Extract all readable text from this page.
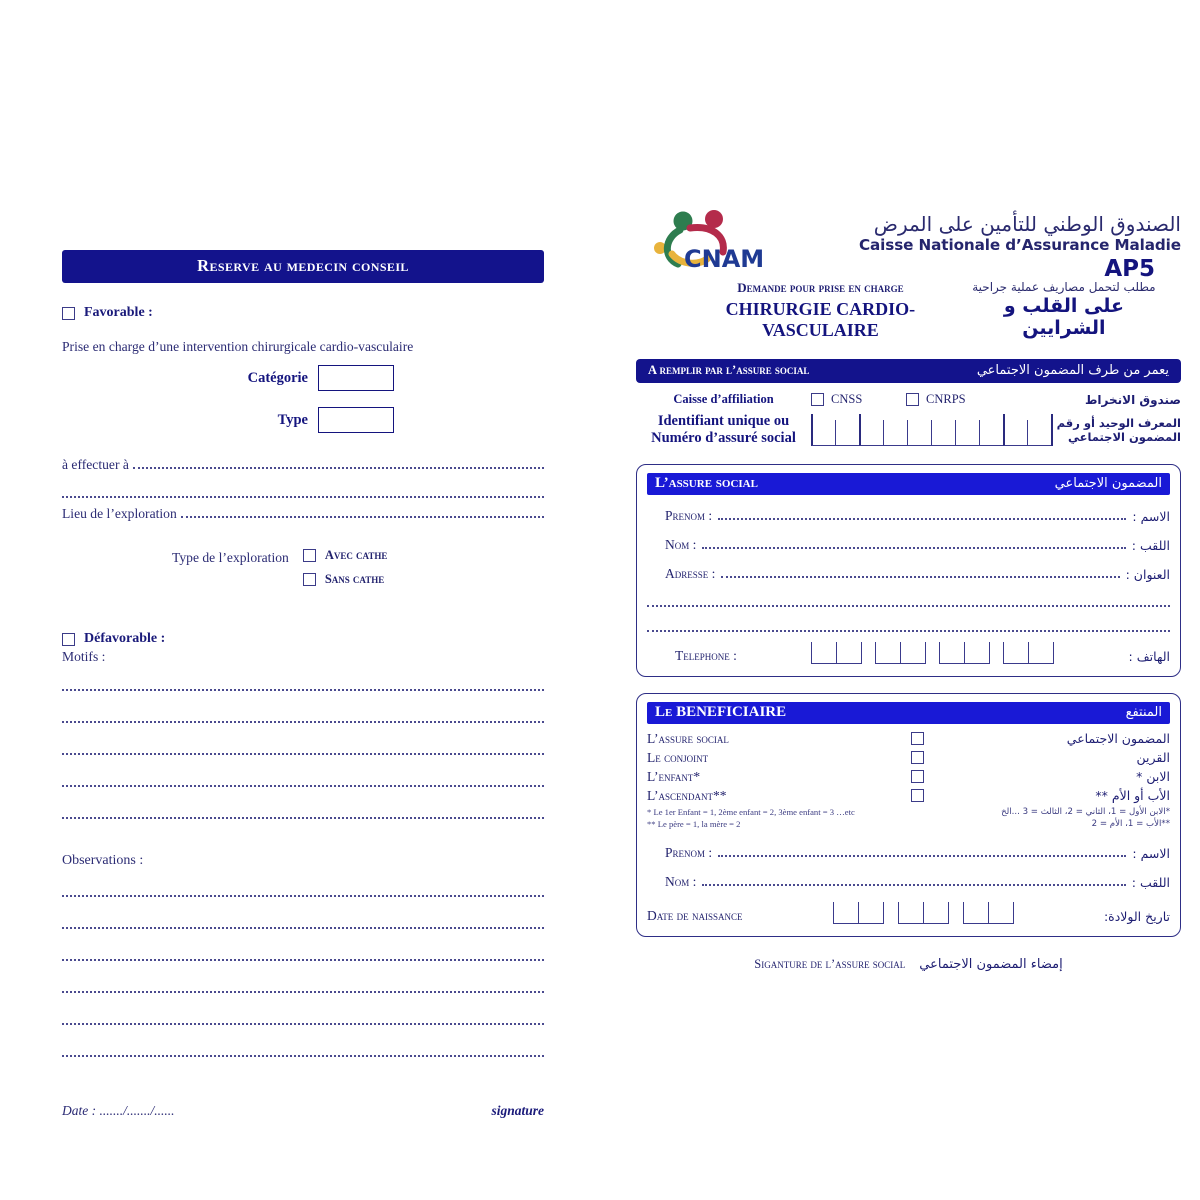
Reserve au medecin conseil
Favorable :
Prise en charge d’une intervention chirurgicale cardio-vasculaire
Catégorie
Type
à effectuer à
Lieu de l’exploration
Type de l’exploration	Avec cathe
Sans cathe
Défavorable :
Motifs :
Observations :
Date : ......./......./......	signature
CNAM
الصندوق الوطني للتأمين على المرض
Caisse Nationale d’Assurance Maladie
AP5
Demande pour prise en charge
CHIRURGIE CARDIO-VASCULAIRE
مطلب لتحمل مصاريف عملية جراحية
على القلب و الشرايين
A remplir par l’assure social	يعمر من طرف المضمون الاجتماعي
Caisse d’affiliation	CNSS	CNRPS	صندوق الانخراط
Identifiant unique ou
Numéro d’assuré social
المعرف الوحيد أو رقم
المضمون الاجتماعي
L’assure social	المضمون الاجتماعي
Prenom :	الاسم :
Nom :	اللقب :
Adresse :	العنوان :
Telephone :	الهاتف :
Le BENEFICIAIRE	المنتفع
L’assure social	المضمون الاجتماعي
Le conjoint	القرين
L’enfant*	الابن *
L’ascendant**	الأب أو الأم **
* Le 1er Enfant = 1, 2ème enfant = 2, 3ème enfant = 3 …etc
** Le père = 1, la mère = 2
*الابن الأول = 1، الثاني = 2، الثالث = 3 ...الخ
**الأب = 1، الأم = 2
Prenom :	الاسم :
Nom :	اللقب :
Date de naissance	تاريخ الولادة:
Siganture de l’assure social إمضاء المضمون الاجتماعي
